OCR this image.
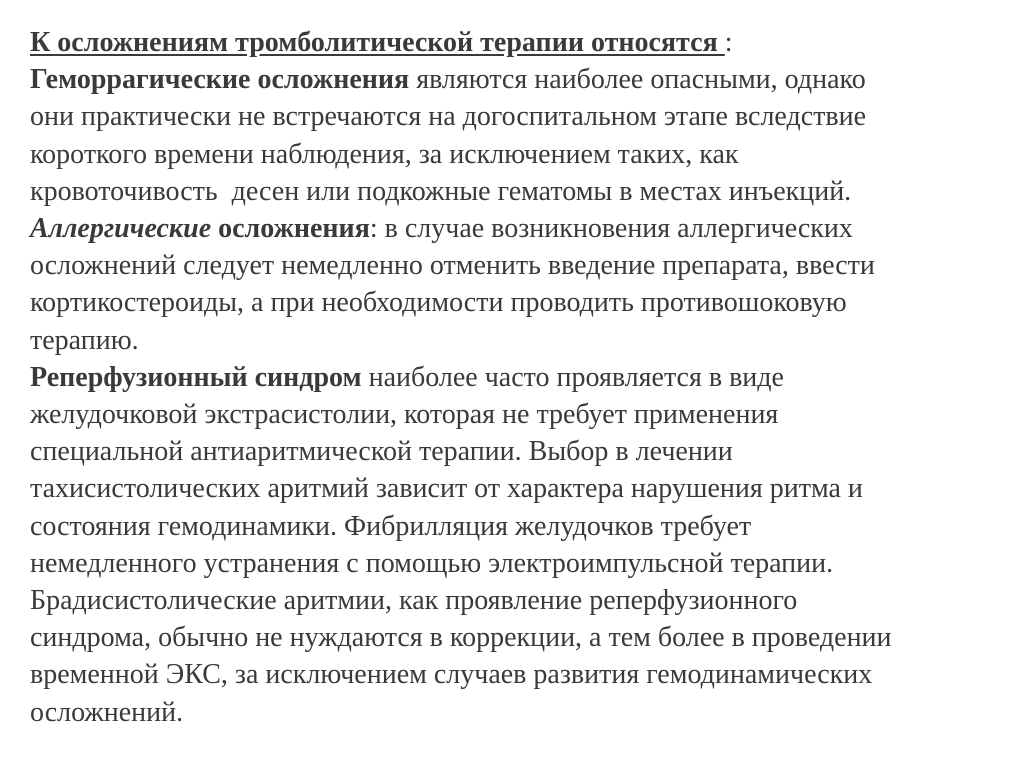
К осложнениям тромболитической терапии относятся :
Геморрагические осложнения являются наиболее опасными, однако
они практически не встречаются на догоспитальном этапе вследствие
короткого времени наблюдения, за исключением таких, как
кровоточивость  десен или подкожные гематомы в местах инъекций.
Аллергические осложнения: в случае возникновения аллергических
осложнений следует немедленно отменить введение препарата, ввести
кортикостероиды, а при необходимости проводить противошоковую
терапию.
Реперфузионный синдром наиболее часто проявляется в виде
желудочковой экстрасистолии, которая не требует применения
специальной антиаритмической терапии. Выбор в лечении
тахисистолических аритмий зависит от характера нарушения ритма и
состояния гемодинамики. Фибрилляция желудочков требует
немедленного устранения с помощью электроимпульсной терапии.
Брадисистолические аритмии, как проявление реперфузионного
синдрома, обычно не нуждаются в коррекции, а тем более в проведении
временной ЭКС, за исключением случаев развития гемодинамических
осложнений.
